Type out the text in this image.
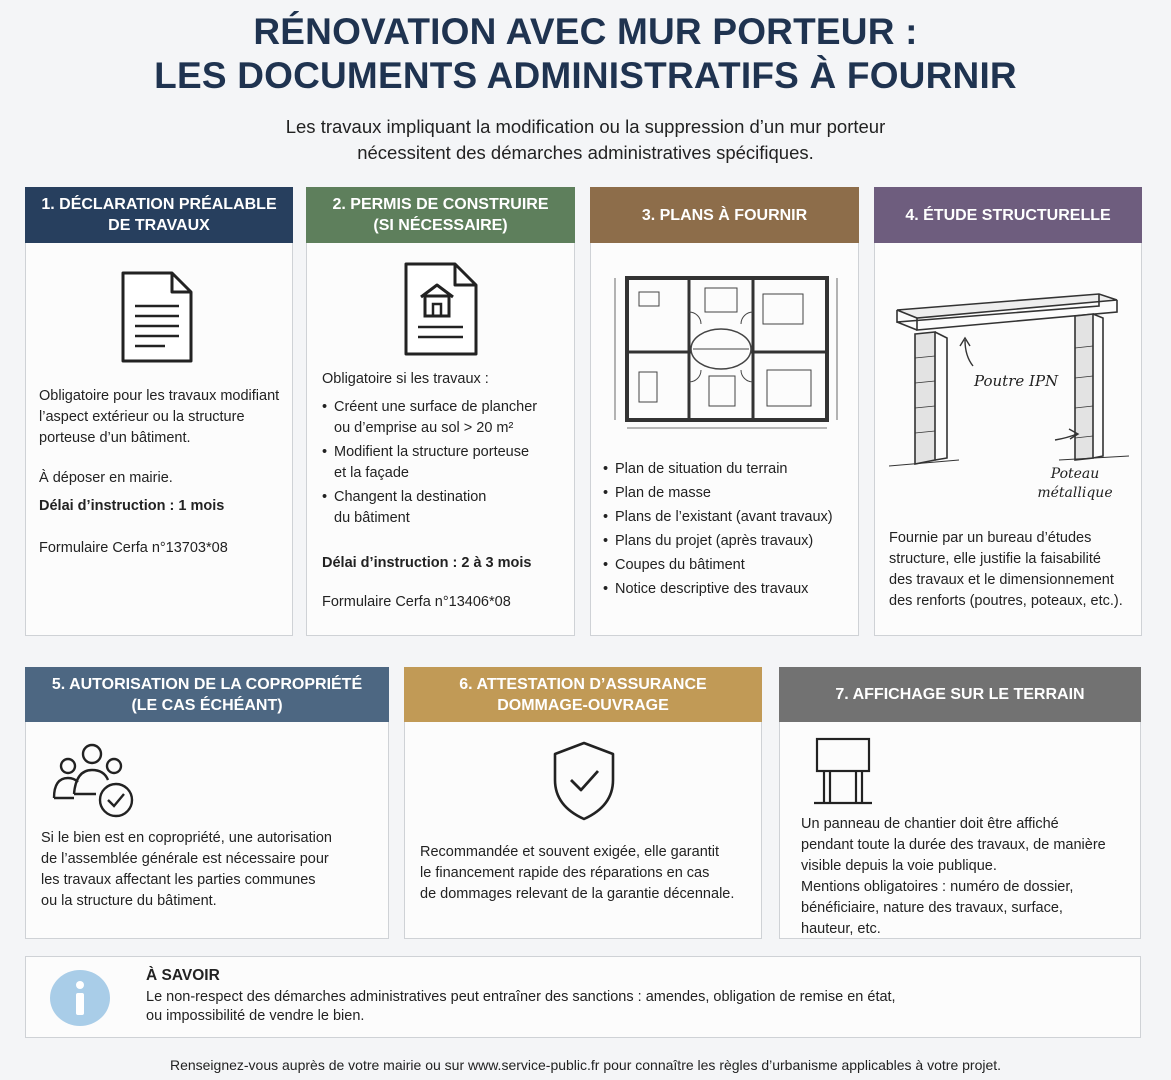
RÉNOVATION AVEC MUR PORTEUR :
LES DOCUMENTS ADMINISTRATIFS À FOURNIR
Les travaux impliquant la modification ou la suppression d’un mur porteur
nécessitent des démarches administratives spécifiques.
1. DÉCLARATION PRÉALABLE
DE TRAVAUX
Obligatoire pour les travaux modifiant
l’aspect extérieur ou la structure
porteuse d’un bâtiment.
À déposer en mairie.
Délai d’instruction : 1 mois
Formulaire Cerfa n°13703*08
2. PERMIS DE CONSTRUIRE
(SI NÉCESSAIRE)
Obligatoire si les travaux :
• Créent une surface de plancher
ou d’emprise au sol > 20 m²
• Modifient la structure porteuse
et la façade
• Changent la destination
du bâtiment
Délai d’instruction : 2 à 3 mois
Formulaire Cerfa n°13406*08
3. PLANS À FOURNIR
• Plan de situation du terrain
• Plan de masse
• Plans de l’existant (avant travaux)
• Plans du projet (après travaux)
• Coupes du bâtiment
• Notice descriptive des travaux
4. ÉTUDE STRUCTURELLE
Poutre IPN
Poteau
métallique
Fournie par un bureau d’études
structure, elle justifie la faisabilité
des travaux et le dimensionnement
des renforts (poutres, poteaux, etc.).
5. AUTORISATION DE LA COPROPRIÉTÉ
(LE CAS ÉCHÉANT)
Si le bien est en copropriété, une autorisation
de l’assemblée générale est nécessaire pour
les travaux affectant les parties communes
ou la structure du bâtiment.
6. ATTESTATION D’ASSURANCE
DOMMAGE-OUVRAGE
Recommandée et souvent exigée, elle garantit
le financement rapide des réparations en cas
de dommages relevant de la garantie décennale.
7. AFFICHAGE SUR LE TERRAIN
Un panneau de chantier doit être affiché
pendant toute la durée des travaux, de manière
visible depuis la voie publique.
Mentions obligatoires : numéro de dossier,
bénéficiaire, nature des travaux, surface,
hauteur, etc.
À SAVOIR
Le non-respect des démarches administratives peut entraîner des sanctions : amendes, obligation de remise en état,
ou impossibilité de vendre le bien.
Renseignez-vous auprès de votre mairie ou sur www.service-public.fr pour connaître les règles d’urbanisme applicables à votre projet.
